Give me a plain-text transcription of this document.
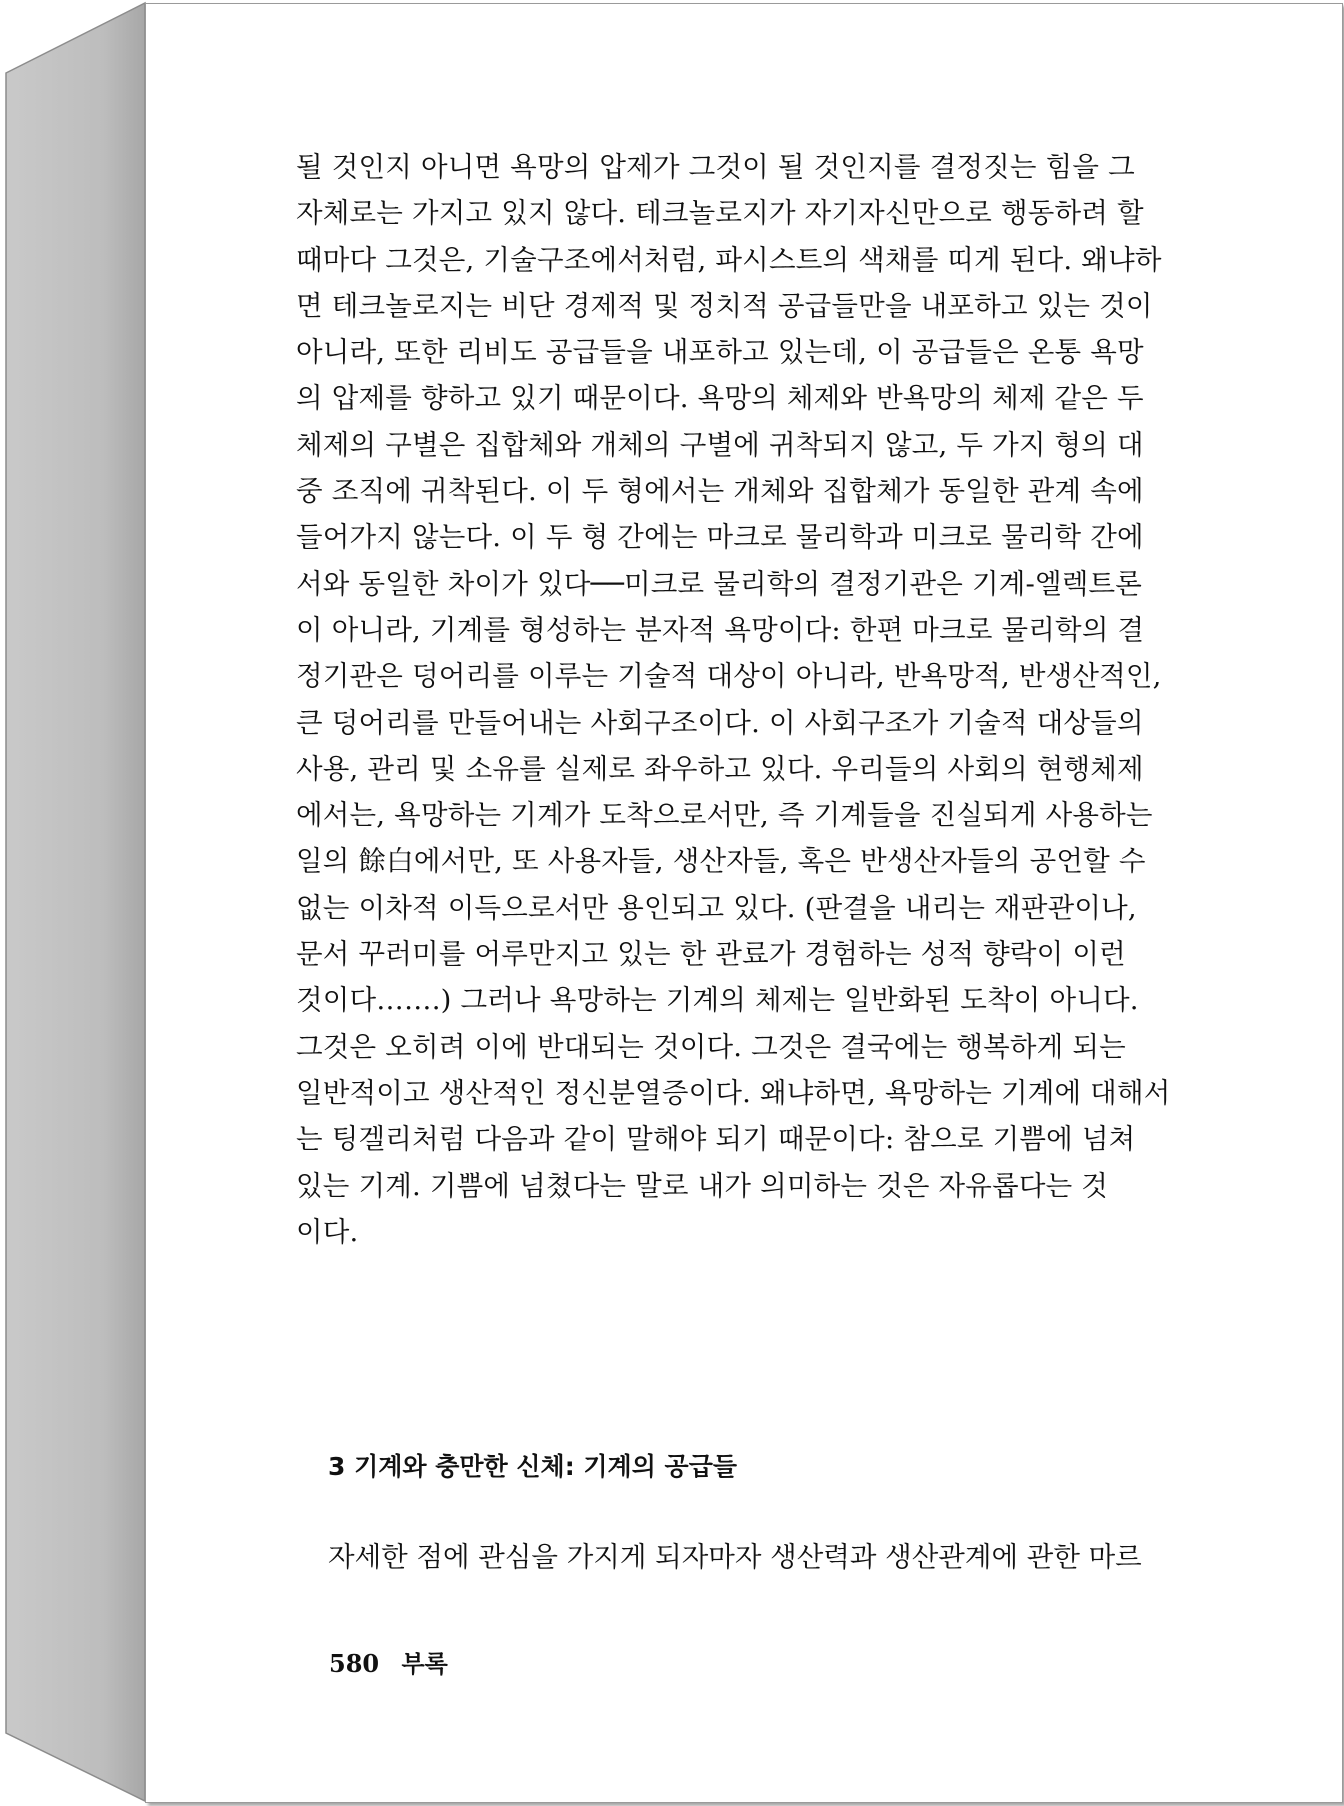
될 것인지 아니면 욕망의 압제가 그것이 될 것인지를 결정짓는 힘을 그
자체로는 가지고 있지 않다. 테크놀로지가 자기자신만으로 행동하려 할
때마다 그것은, 기술구조에서처럼, 파시스트의 색채를 띠게 된다. 왜냐하
면 테크놀로지는 비단 경제적 및 정치적 공급들만을 내포하고 있는 것이
아니라, 또한 리비도 공급들을 내포하고 있는데, 이 공급들은 온통 욕망
의 압제를 향하고 있기 때문이다. 욕망의 체제와 반욕망의 체제 같은 두
체제의 구별은 집합체와 개체의 구별에 귀착되지 않고, 두 가지 형의 대
중 조직에 귀착된다. 이 두 형에서는 개체와 집합체가 동일한 관계 속에
들어가지 않는다. 이 두 형 간에는 마크로 물리학과 미크로 물리학 간에
서와 동일한 차이가 있다──미크로 물리학의 결정기관은 기계-엘렉트론
이 아니라, 기계를 형성하는 분자적 욕망이다: 한편 마크로 물리학의 결
정기관은 덩어리를 이루는 기술적 대상이 아니라, 반욕망적, 반생산적인,
큰 덩어리를 만들어내는 사회구조이다. 이 사회구조가 기술적 대상들의
사용, 관리 및 소유를 실제로 좌우하고 있다. 우리들의 사회의 현행체제
에서는, 욕망하는 기계가 도착으로서만, 즉 기계들을 진실되게 사용하는
일의 餘白에서만, 또 사용자들, 생산자들, 혹은 반생산자들의 공언할 수
없는 이차적 이득으로서만 용인되고 있다. (판결을 내리는 재판관이나,
문서 꾸러미를 어루만지고 있는 한 관료가 경험하는 성적 향락이 이런
것이다…….) 그러나 욕망하는 기계의 체제는 일반화된 도착이 아니다.
그것은 오히려 이에 반대되는 것이다. 그것은 결국에는 행복하게 되는
일반적이고 생산적인 정신분열증이다. 왜냐하면, 욕망하는 기계에 대해서
는 팅겔리처럼 다음과 같이 말해야 되기 때문이다: 참으로 기쁨에 넘쳐
있는 기계. 기쁨에 넘쳤다는 말로 내가 의미하는 것은 자유롭다는 것
이다.

3 기계와 충만한 신체: 기계의 공급들

자세한 점에 관심을 가지게 되자마자 생산력과 생산관계에 관한 마르

580 부록
